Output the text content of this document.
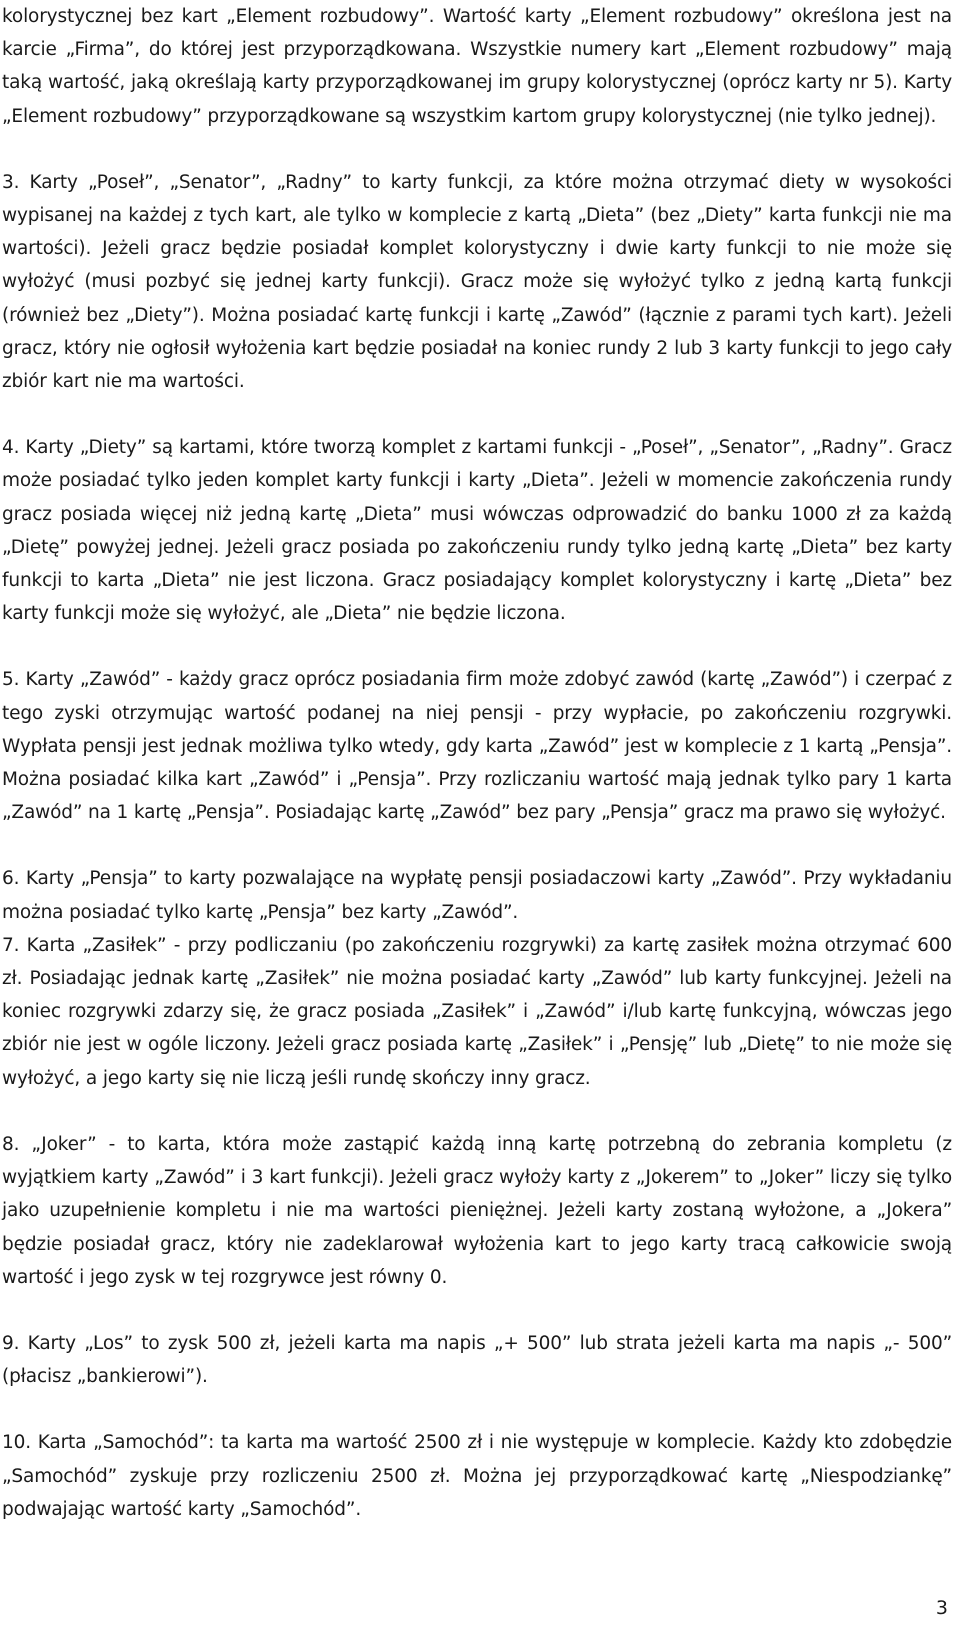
kolorystycznej bez kart „Element rozbudowy”. Wartość karty „Element rozbudowy” określona jest na karcie „Firma”, do której jest przyporządkowana. Wszystkie numery kart „Element rozbudowy” mają taką wartość, jaką określają karty przyporządkowanej im grupy kolorystycznej (oprócz karty nr 5). Karty „Element rozbudowy” przyporządkowane są wszystkim kartom grupy kolorystycznej (nie tylko jednej).

3. Karty „Poseł”, „Senator”, „Radny” to karty funkcji, za które można otrzymać diety w wysokości wypisanej na każdej z tych kart, ale tylko w komplecie z kartą „Dieta” (bez „Diety” karta funkcji nie ma wartości). Jeżeli gracz będzie posiadał komplet kolorystyczny i dwie karty funkcji to nie może się wyłożyć (musi pozbyć się jednej karty funkcji). Gracz może się wyłożyć tylko z jedną kartą funkcji (również bez „Diety”). Można posiadać kartę funkcji i kartę „Zawód” (łącznie z parami tych kart). Jeżeli gracz, który nie ogłosił wyłożenia kart będzie posiadał na koniec rundy 2 lub 3 karty funkcji to jego cały zbiór kart nie ma wartości.

4. Karty „Diety” są kartami, które tworzą komplet z kartami funkcji - „Poseł”, „Senator”, „Radny”. Gracz może posiadać tylko jeden komplet karty funkcji i karty „Dieta”. Jeżeli w momencie zakończenia rundy gracz posiada więcej niż jedną kartę „Dieta” musi wówczas odprowadzić do banku 1000 zł za każdą „Dietę” powyżej jednej. Jeżeli gracz posiada po zakończeniu rundy tylko jedną kartę „Dieta” bez karty funkcji to karta „Dieta” nie jest liczona. Gracz posiadający komplet kolorystyczny i kartę „Dieta” bez karty funkcji może się wyłożyć, ale „Dieta” nie będzie liczona.

5. Karty „Zawód” - każdy gracz oprócz posiadania firm może zdobyć zawód (kartę „Zawód”) i czerpać z tego zyski otrzymując wartość podanej na niej pensji - przy wypłacie, po zakończeniu rozgrywki. Wypłata pensji jest jednak możliwa tylko wtedy, gdy karta „Zawód” jest w komplecie z 1 kartą „Pensja”. Można posiadać kilka kart „Zawód” i „Pensja”. Przy rozliczaniu wartość mają jednak tylko pary 1 karta „Zawód” na 1 kartę „Pensja”. Posiadając kartę „Zawód” bez pary „Pensja” gracz ma prawo się wyłożyć.

6. Karty „Pensja” to karty pozwalające na wypłatę pensji posiadaczowi karty „Zawód”. Przy wykładaniu można posiadać tylko kartę „Pensja” bez karty „Zawód”.

7. Karta „Zasiłek” - przy podliczaniu (po zakończeniu rozgrywki) za kartę zasiłek można otrzymać 600 zł. Posiadając jednak kartę „Zasiłek” nie można posiadać karty „Zawód” lub karty funkcyjnej. Jeżeli na koniec rozgrywki zdarzy się, że gracz posiada „Zasiłek” i „Zawód” i/lub kartę funkcyjną, wówczas jego zbiór nie jest w ogóle liczony. Jeżeli gracz posiada kartę „Zasiłek” i „Pensję” lub „Dietę” to nie może się wyłożyć, a jego karty się nie liczą jeśli rundę skończy inny gracz.

8. „Joker” - to karta, która może zastąpić każdą inną kartę potrzebną do zebrania kompletu (z wyjątkiem karty „Zawód” i 3 kart funkcji). Jeżeli gracz wyłoży karty z „Jokerem” to „Joker” liczy się tylko jako uzupełnienie kompletu i nie ma wartości pieniężnej. Jeżeli karty zostaną wyłożone, a „Jokera” będzie posiadał gracz, który nie zadeklarował wyłożenia kart to jego karty tracą całkowicie swoją wartość i jego zysk w tej rozgrywce jest równy 0.

9. Karty „Los” to zysk 500 zł, jeżeli karta ma napis „+ 500” lub strata jeżeli karta ma napis „- 500” (płacisz „bankierowi”).

10. Karta „Samochód”: ta karta ma wartość 2500 zł i nie występuje w komplecie. Każdy kto zdobędzie „Samochód” zyskuje przy rozliczeniu 2500 zł. Można jej przyporządkować kartę „Niespodziankę” podwajając wartość karty „Samochód”.

3
